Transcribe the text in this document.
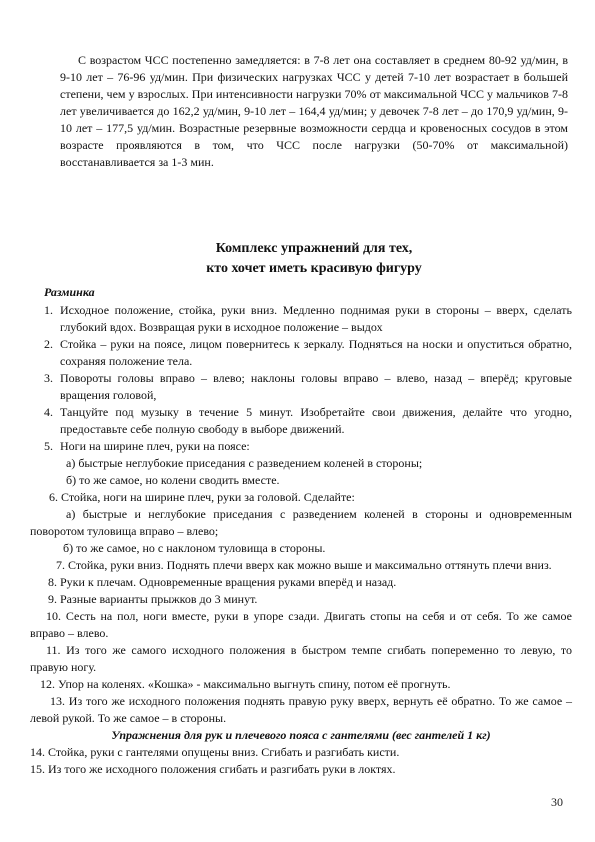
С возрастом ЧСС постепенно замедляется: в 7-8 лет она составляет в среднем 80-92 уд/мин, в 9-10 лет – 76-96 уд/мин. При физических нагрузках ЧСС у детей 7-10 лет возрастает в большей степени, чем у взрослых. При интенсивности нагрузки 70% от максимальной ЧСС у мальчиков 7-8 лет увеличивается до 162,2 уд/мин, 9-10 лет – 164,4 уд/мин; у девочек 7-8 лет – до 170,9 уд/мин, 9-10 лет – 177,5 уд/мин. Возрастные резервные возможности сердца и кровеносных сосудов в этом возрасте проявляются в том, что ЧСС после нагрузки (50-70% от максимальной) восстанавливается за 1-3 мин.

Комплекс упражнений для тех,

кто хочет иметь красивую фигуру

Разминка

1. Исходное положение, стойка, руки вниз. Медленно поднимая руки в стороны – вверх, сделать глубокий вдох. Возвращая руки в исходное положение – выдох
2. Стойка – руки на поясе, лицом повернитесь к зеркалу. Подняться на носки и опуститься обратно, сохраняя положение тела.
3. Повороты головы вправо – влево; наклоны головы вправо – влево, назад – вперёд; круговые вращения головой,
4. Танцуйте под музыку в течение 5 минут. Изобретайте свои движения, делайте что угодно, предоставьте себе полную свободу в выборе движений.
5. Ноги на ширине плеч, руки на поясе:

а) быстрые неглубокие приседания с разведением коленей в стороны;

б) то же самое, но колени сводить вместе.

6. Стойка, ноги на ширине плеч, руки за головой. Сделайте:

а) быстрые и неглубокие приседания с разведением коленей в стороны и одновременным поворотом туловища вправо – влево;

б) то же самое, но с наклоном туловища в стороны.

7. Стойка, руки вниз. Поднять плечи вверх как можно выше и максимально оттянуть плечи вниз.

8. Руки к плечам. Одновременные вращения руками вперёд и назад.

9. Разные варианты прыжков до 3 минут.

10. Сесть на пол, ноги вместе, руки в упоре сзади. Двигать стопы на себя и от себя. То же самое вправо – влево.

11. Из того же самого исходного положения в быстром темпе сгибать попеременно то левую, то правую ногу.

12. Упор на коленях. «Кошка» - максимально выгнуть спину, потом её прогнуть.

13. Из того же исходного положения поднять правую руку вверх, вернуть её обратно. То же самое – левой рукой. То же самое – в стороны.

Упражнения для рук и плечевого пояса с гантелями (вес гантелей 1 кг)

14. Стойка, руки с гантелями опущены вниз. Сгибать и разгибать кисти.

15. Из того же исходного положения сгибать и разгибать руки в локтях.

30
